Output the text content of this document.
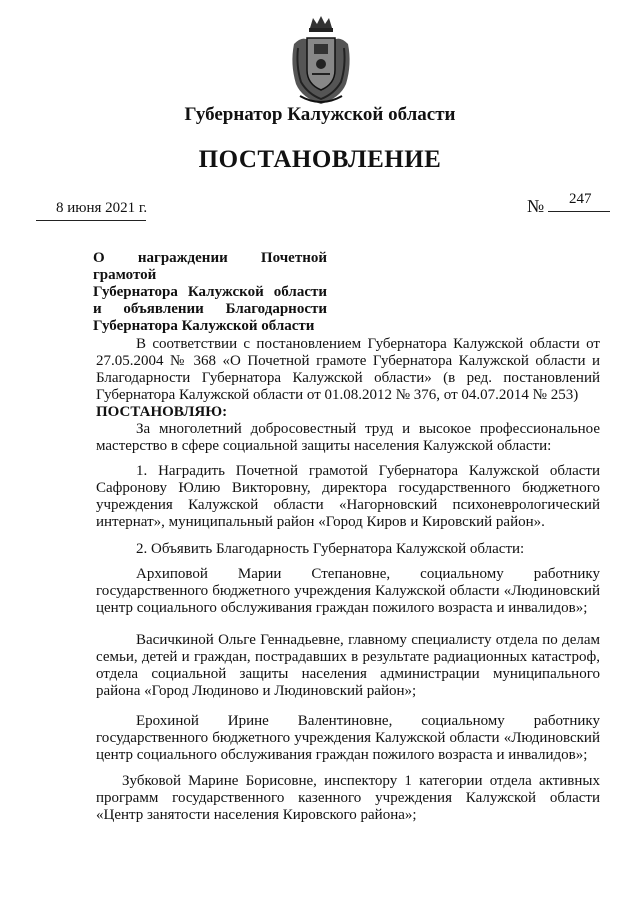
Губернатор Калужской области
ПОСТАНОВЛЕНИЕ
8 июня 2021 г.	№ 247

О награждении Почетной грамотой

Губернатора Калужской области

и объявлении Благодарности

Губернатора Калужской области

В соответствии с постановлением Губернатора Калужской области от 27.05.2004 № 368 «О Почетной грамоте Губернатора Калужской области и Благодарности Губернатора Калужской области» (в ред. постановлений Губернатора Калужской области от 01.08.2012 № 376, от 04.07.2014 № 253)

ПОСТАНОВЛЯЮ:

За многолетний добросовестный труд и высокое профессиональное мастерство в сфере социальной защиты населения Калужской области:

1. Наградить Почетной грамотой Губернатора Калужской области Сафронову Юлию Викторовну, директора государственного бюджетного учреждения Калужской области «Нагорновский психоневрологический интернат», муниципальный район «Город Киров и Кировский район».

2. Объявить Благодарность Губернатора Калужской области:

Архиповой Марии Степановне, социальному работнику государственного бюджетного учреждения Калужской области «Людиновский центр социального обслуживания граждан пожилого возраста и инвалидов»;

Васичкиной Ольге Геннадьевне, главному специалисту отдела по делам семьи, детей и граждан, пострадавших в результате радиационных катастроф, отдела социальной защиты населения администрации муниципального района «Город Людиново и Людиновский район»;

Ерохиной Ирине Валентиновне, социальному работнику государственного бюджетного учреждения Калужской области «Людиновский центр социального обслуживания граждан пожилого возраста и инвалидов»;

Зубковой Марине Борисовне, инспектору 1 категории отдела активных программ государственного казенного учреждения Калужской области «Центр занятости населения Кировского района»;
